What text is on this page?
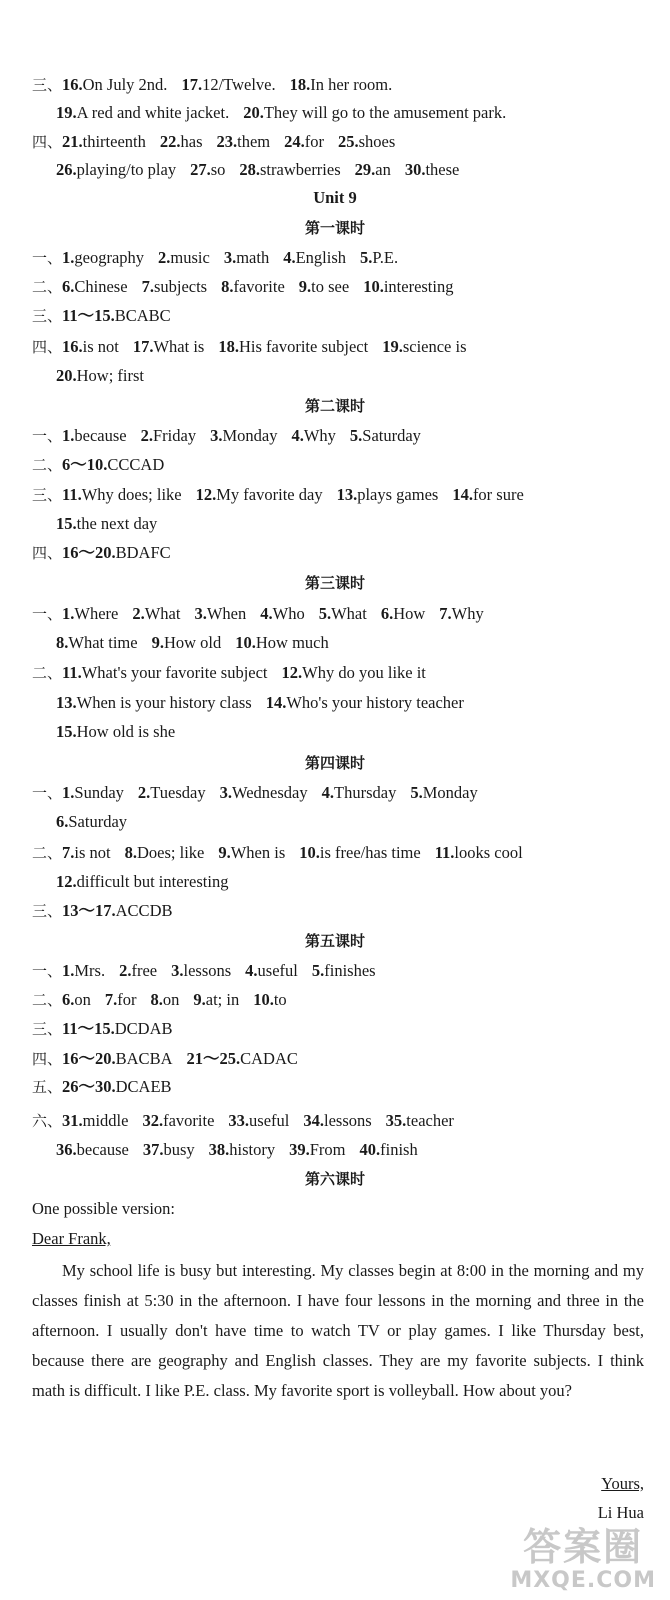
三、16.On July 2nd. 17.12/Twelve. 18.In her room.
19.A red and white jacket. 20.They will go to the amusement park.
四、21.thirteenth 22.has 23.them 24.for 25.shoes
26.playing/to play 27.so 28.strawberries 29.an 30.these
Unit 9
第一课时
一、1.geography 2.music 3.math 4.English 5.P.E.
二、6.Chinese 7.subjects 8.favorite 9.to see 10.interesting
三、11～15.BCABC
四、16.is not 17.What is 18.His favorite subject 19.science is
20.How; first
第二课时
一、1.because 2.Friday 3.Monday 4.Why 5.Saturday
二、6～10.CCCAD
三、11.Why does; like 12.My favorite day 13.plays games 14.for sure
15.the next day
四、16～20.BDAFC
第三课时
一、1.Where 2.What 3.When 4.Who 5.What 6.How 7.Why
8.What time 9.How old 10.How much
二、11.What's your favorite subject 12.Why do you like it
13.When is your history class 14.Who's your history teacher
15.How old is she
第四课时
一、1.Sunday 2.Tuesday 3.Wednesday 4.Thursday 5.Monday
6.Saturday
二、7.is not 8.Does; like 9.When is 10.is free/has time 11.looks cool
12.difficult but interesting
三、13～17.ACCDB
第五课时
一、1.Mrs. 2.free 3.lessons 4.useful 5.finishes
二、6.on 7.for 8.on 9.at; in 10.to
三、11～15.DCDAB
四、16～20.BACBA 21～25.CADAC
五、26～30.DCAEB
六、31.middle 32.favorite 33.useful 34.lessons 35.teacher
36.because 37.busy 38.history 39.From 40.finish
第六课时
One possible version:
Dear Frank,

My school life is busy but interesting. My classes begin at 8:00 in the morning and my classes finish at 5:30 in the afternoon. I have four lessons in the morning and three in the afternoon. I usually don't have time to watch TV or play games. I like Thursday best, because there are geography and English classes. They are my favorite subjects. I think math is difficult. I like P.E. class. My favorite sport is volleyball. How about you?

Yours,
Li Hua
答案圈
MXQE.COM
